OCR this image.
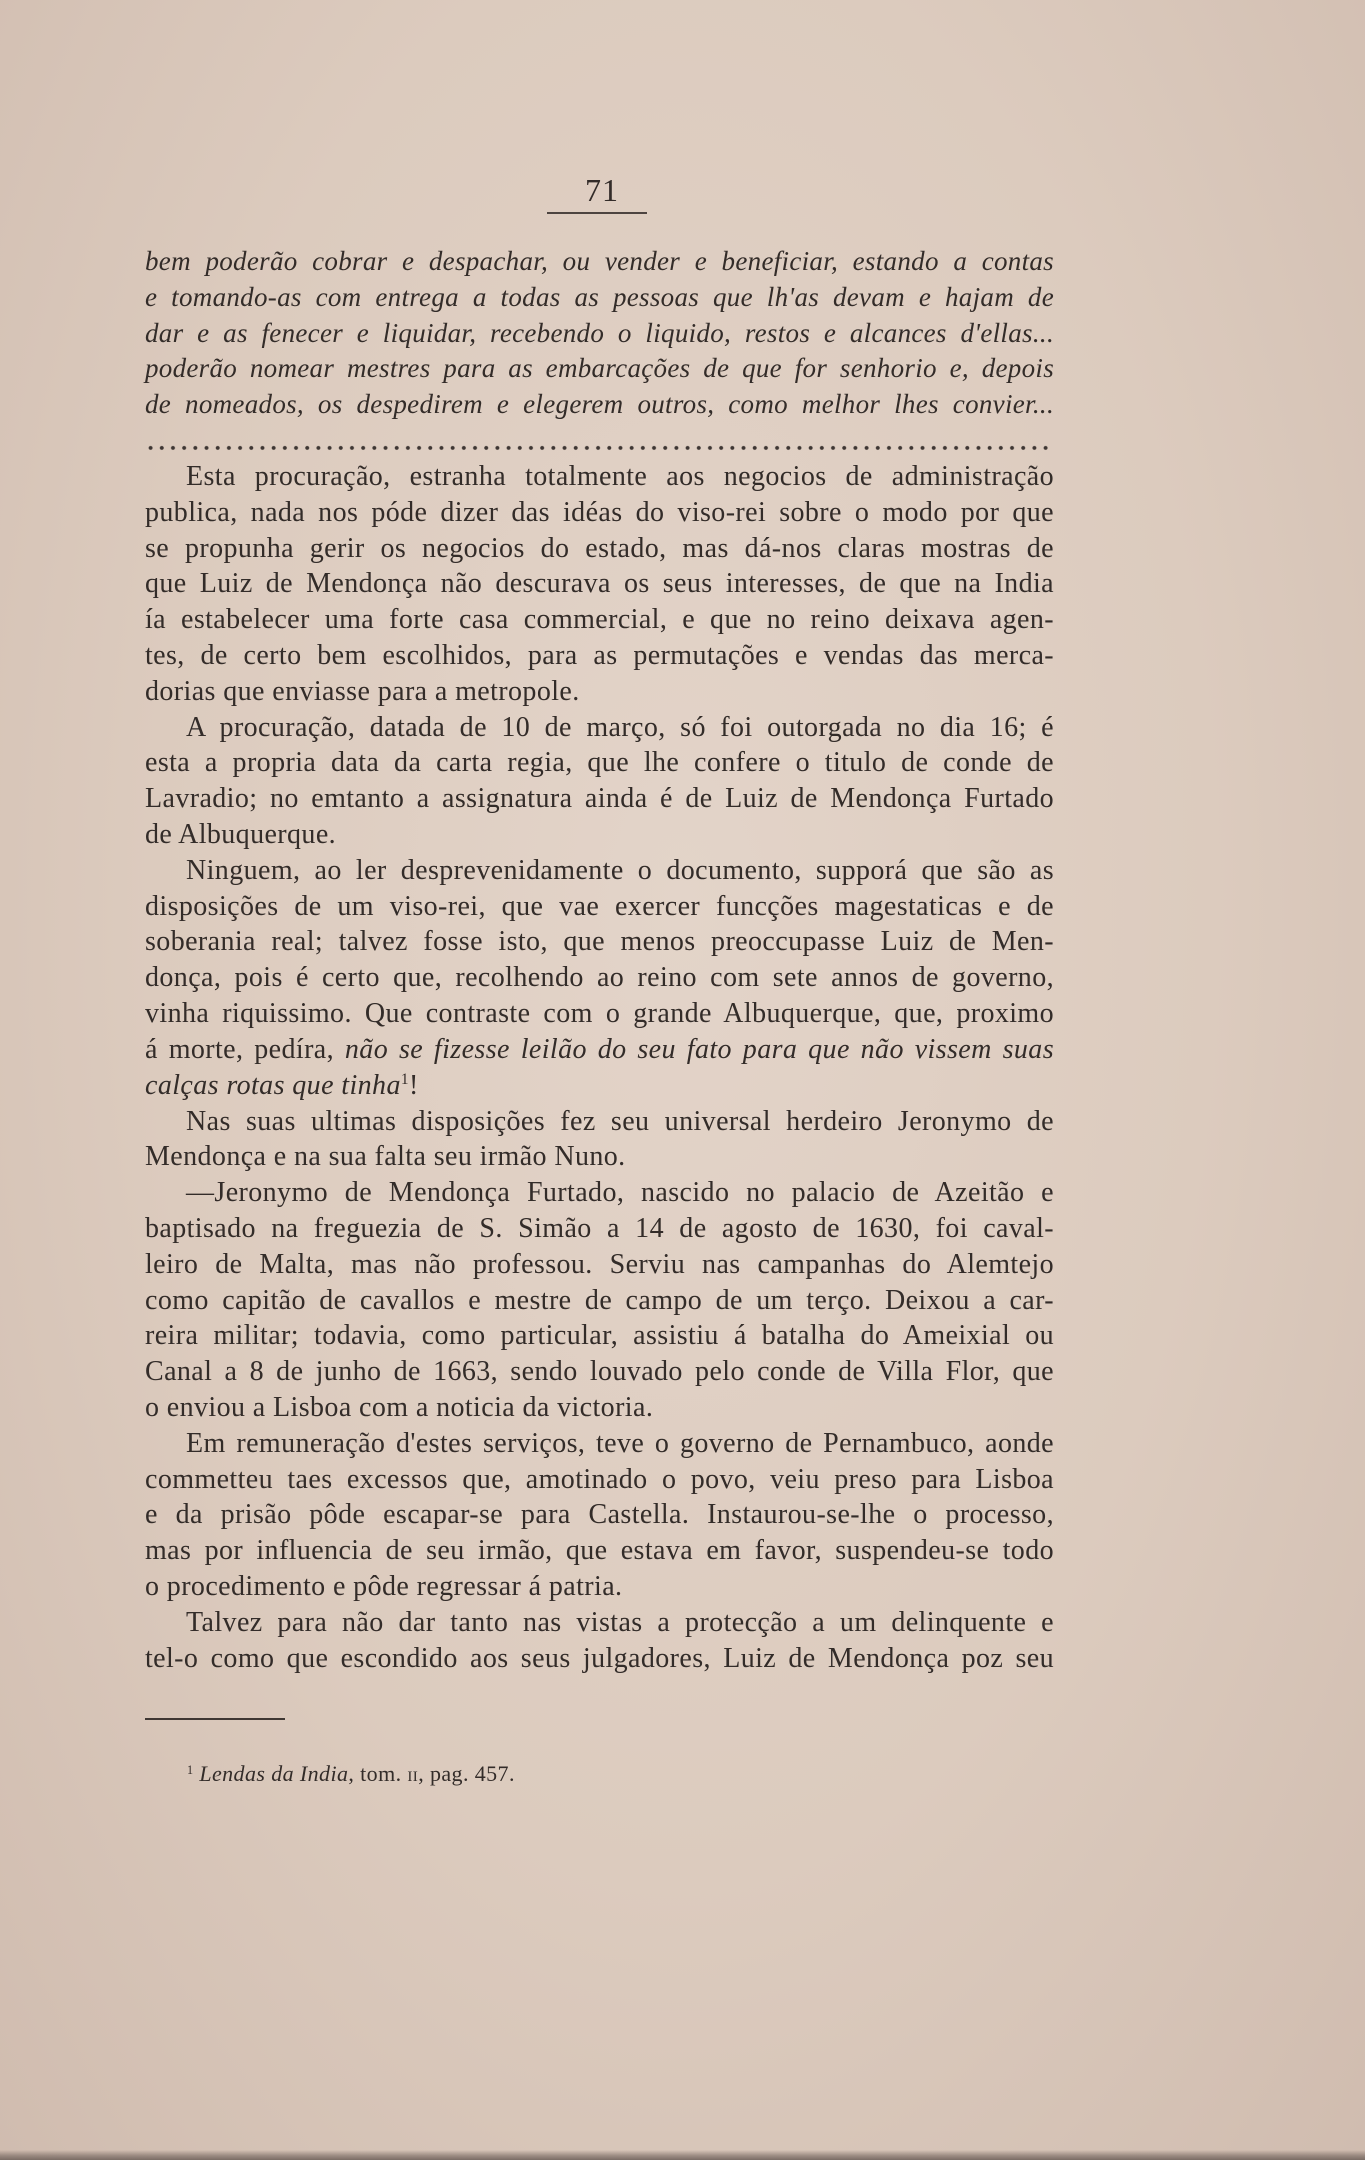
71
bem poderão cobrar e despachar, ou vender e beneficiar, estando a contas
e tomando-as com entrega a todas as pessoas que lh'as devam e hajam de
dar e as fenecer e liquidar, recebendo o liquido, restos e alcances d'ellas...
poderão nomear mestres para as embarcações de que for senhorio e, depois
de nomeados, os despedirem e elegerem outros, como melhor lhes convier...
Esta procuração, estranha totalmente aos negocios de administração
publica, nada nos póde dizer das idéas do viso-rei sobre o modo por que
se propunha gerir os negocios do estado, mas dá-nos claras mostras de
que Luiz de Mendonça não descurava os seus interesses, de que na India
ía estabelecer uma forte casa commercial, e que no reino deixava agen-
tes, de certo bem escolhidos, para as permutações e vendas das merca-
dorias que enviasse para a metropole.
A procuração, datada de 10 de março, só foi outorgada no dia 16; é
esta a propria data da carta regia, que lhe confere o titulo de conde de
Lavradio; no emtanto a assignatura ainda é de Luiz de Mendonça Furtado
de Albuquerque.
Ninguem, ao ler desprevenidamente o documento, supporá que são as
disposições de um viso-rei, que vae exercer funcções magestaticas e de
soberania real; talvez fosse isto, que menos preoccupasse Luiz de Men-
donça, pois é certo que, recolhendo ao reino com sete annos de governo,
vinha riquissimo. Que contraste com o grande Albuquerque, que, proximo
á morte, pedíra, não se fizesse leilão do seu fato para que não vissem suas
calças rotas que tinha$^1$!
Nas suas ultimas disposições fez seu universal herdeiro Jeronymo de
Mendonça e na sua falta seu irmão Nuno.
—Jeronymo de Mendonça Furtado, nascido no palacio de Azeitão e
baptisado na freguezia de S. Simão a 14 de agosto de 1630, foi caval-
leiro de Malta, mas não professou. Serviu nas campanhas do Alemtejo
como capitão de cavallos e mestre de campo de um terço. Deixou a car-
reira militar; todavia, como particular, assistiu á batalha do Ameixial ou
Canal a 8 de junho de 1663, sendo louvado pelo conde de Villa Flor, que
o enviou a Lisboa com a noticia da victoria.
Em remuneração d'estes serviços, teve o governo de Pernambuco, aonde
commetteu taes excessos que, amotinado o povo, veiu preso para Lisboa
e da prisão pôde escapar-se para Castella. Instaurou-se-lhe o processo,
mas por influencia de seu irmão, que estava em favor, suspendeu-se todo
o procedimento e pôde regressar á patria.
Talvez para não dar tanto nas vistas a protecção a um delinquente e
tel-o como que escondido aos seus julgadores, Luiz de Mendonça poz seu
$^1$ Lendas da India, tom. ii, pag. 457.
